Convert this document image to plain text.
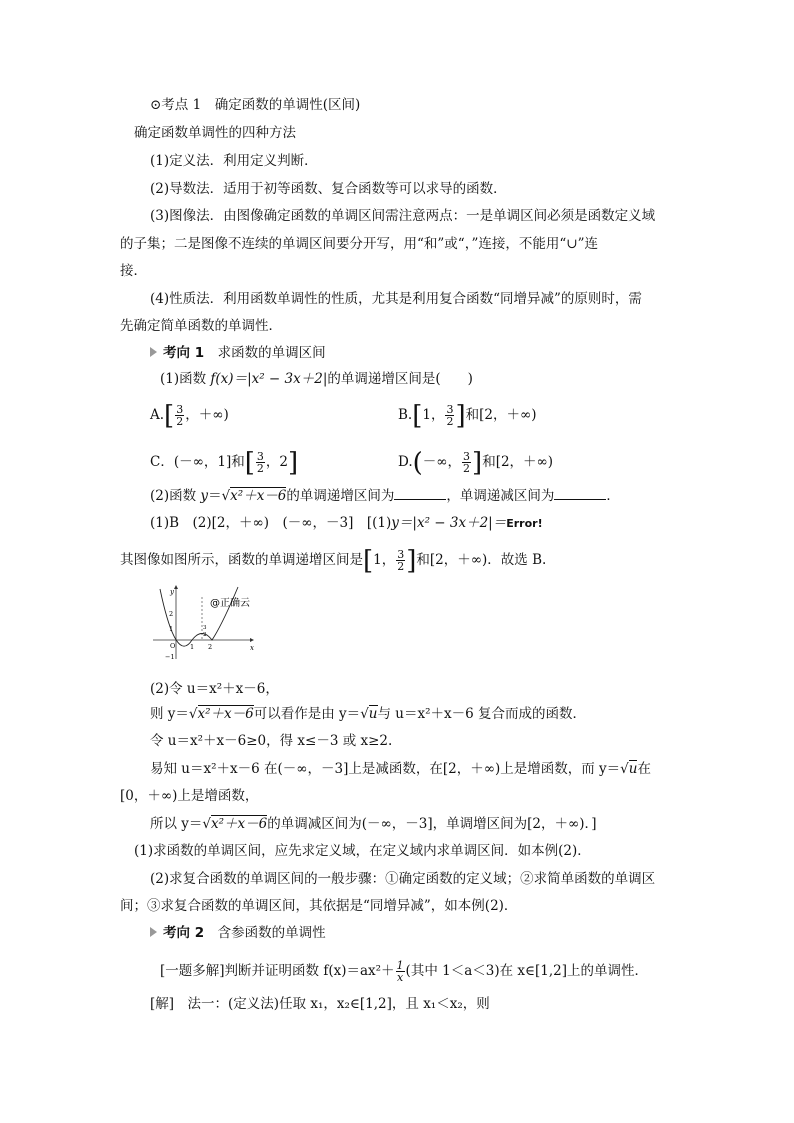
⊙考点 1　 确定函数的单调性(区间)
确定函数单调性的四种方法
(1)定义法．利用定义判断．
(2)导数法．适用于初等函数、复合函数等可以求导的函数．
(3)图像法．由图像确定函数的单调区间需注意两点：一是单调区间必须是函数定义域
的子集；二是图像不连续的单调区间要分开写，用“和”或“，”连接，不能用“∪”连
接．
(4)性质法．利用函数单调性的性质，尤其是利用复合函数“同增异减”的原则时，需
先确定简单函数的单调性．
考向 1　 求函数的单调区间
(1)函数 f(x)＝|x² − 3x＋2|的单调递增区间是(　　)
$A.[ \frac{3}{2}$ ，＋∞)	B.[1， $\frac{3}{2}$ ]和[2，＋∞)
C．(－∞，1]和[ $\frac{3}{2}$ ，2]	D.(－∞， $\frac{3}{2}$ ]和[2，＋∞)
(2)函数 y＝√x²＋x－6的单调递增区间为	，单调递减区间为	．
(1)B　(2)[2，＋∞)　(－∞，－3]　[(1)y＝|x² − 3x＋2|＝Error!
其图像如图所示，函数的单调递增区间是[1， $\frac{3}{2}$ ]和[2，＋∞)．故选 B.
y
x
2
1
O
−1
1 2
3
2
@正确云
(2)令 u＝x²＋x－6，
则 y＝√x²＋x－6可以看作是由 y＝√u与 u＝x²＋x－6 复合而成的函数．
令 u＝x²＋x－6≥0，得 x≤－3 或 x≥2.
易知 u＝x²＋x－6 在(－∞，－3]上是减函数，在[2，＋∞)上是增函数，而 y＝√u在
[0，＋∞)上是增函数，
所以 y＝√x²＋x－6的单调减区间为(－∞，－3]，单调增区间为[2，＋∞)．]
(1)求函数的单调区间，应先求定义域，在定义域内求单调区间．如本例(2)．
(2)求复合函数的单调区间的一般步骤：①确定函数的定义域；②求简单函数的单调区
间；③求复合函数的单调区间，其依据是“同增异减”，如本例(2)．
考向 2　 含参函数的单调性
[一题多解]判断并证明函数 $f(x)=ax^2+ \frac{1}{x}$ (其中 1＜a＜3)在 x∈[1,2]上的单调性．
[解]　法一：(定义法)任取 x₁，x₂∈[1,2]，且 x₁＜x₂，则
